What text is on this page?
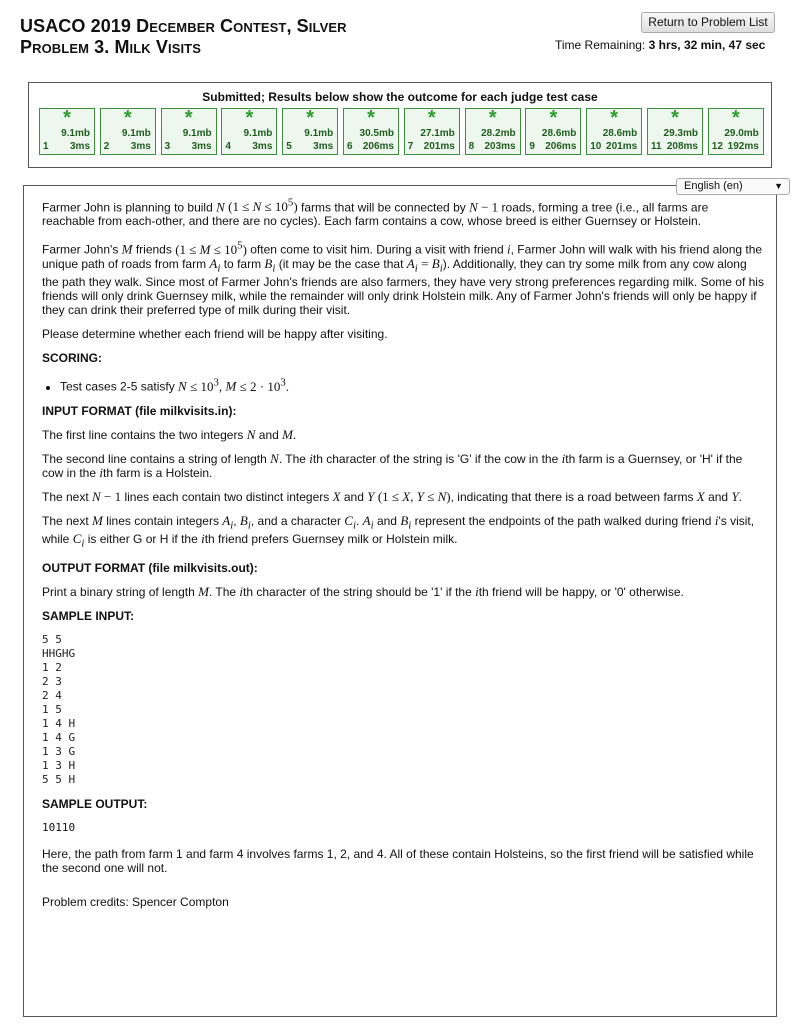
USACO 2019 December Contest, Silver
Problem 3. Milk Visits
Return to Problem List
Time Remaining: 3 hrs, 32 min, 47 sec
Submitted; Results below show the outcome for each judge test case
*
9.1mb
1 3ms
*
9.1mb
2 3ms
*
9.1mb
3 3ms
*
9.1mb
4 3ms
*
9.1mb
5 3ms
*
30.5mb
6 206ms
*
27.1mb
7 201ms
*
28.2mb
8 203ms
*
28.6mb
9 206ms
*
28.6mb
10 201ms
*
29.3mb
11 208ms
*
29.0mb
12 192ms
English (en)	▼

Farmer John is planning to build N $(1 \le N \le 10^5)$ farms that will be connected by N − 1 roads, forming a tree (i.e., all farms are reachable from each-other, and there are no cycles). Each farm contains a cow, whose breed is either Guernsey or Holstein.

Farmer John's M friends $(1 \le M \le 10^5)$ often come to visit him. During a visit with friend i, Farmer John will walk with his friend along the unique path of roads from farm $A_i$ to farm $B_i$ (it may be the case that $A_i = B_i$). Additionally, they can try some milk from any cow along the path they walk. Since most of Farmer John's friends are also farmers, they have very strong preferences regarding milk. Some of his friends will only drink Guernsey milk, while the remainder will only drink Holstein milk. Any of Farmer John's friends will only be happy if they can drink their preferred type of milk during their visit.

Please determine whether each friend will be happy after visiting.

SCORING:
• Test cases 2-5 satisfy $N \le 10^3$, $M \le 2 \cdot 10^3$.
INPUT FORMAT (file milkvisits.in):

The first line contains the two integers N and M.

The second line contains a string of length N. The ith character of the string is 'G' if the cow in the ith farm is a Guernsey, or 'H' if the cow in the ith farm is a Holstein.

The next N − 1 lines each contain two distinct integers X and Y (1 ≤ X, Y ≤ N), indicating that there is a road between farms X and Y.

The next M lines contain integers $A_i$, $B_i$, and a character $C_i$. $A_i$ and $B_i$ represent the endpoints of the path walked during friend i's visit, while $C_i$ is either G or H if the ith friend prefers Guernsey milk or Holstein milk.

OUTPUT FORMAT (file milkvisits.out):

Print a binary string of length M. The ith character of the string should be '1' if the ith friend will be happy, or '0' otherwise.

SAMPLE INPUT:
5 5
HHGHG
1 2
2 3
2 4
1 5
1 4 H
1 4 G
1 3 G
1 3 H
5 5 H
SAMPLE OUTPUT:
10110

Here, the path from farm 1 and farm 4 involves farms 1, 2, and 4. All of these contain Holsteins, so the first friend will be satisfied while the second one will not.

Problem credits: Spencer Compton
